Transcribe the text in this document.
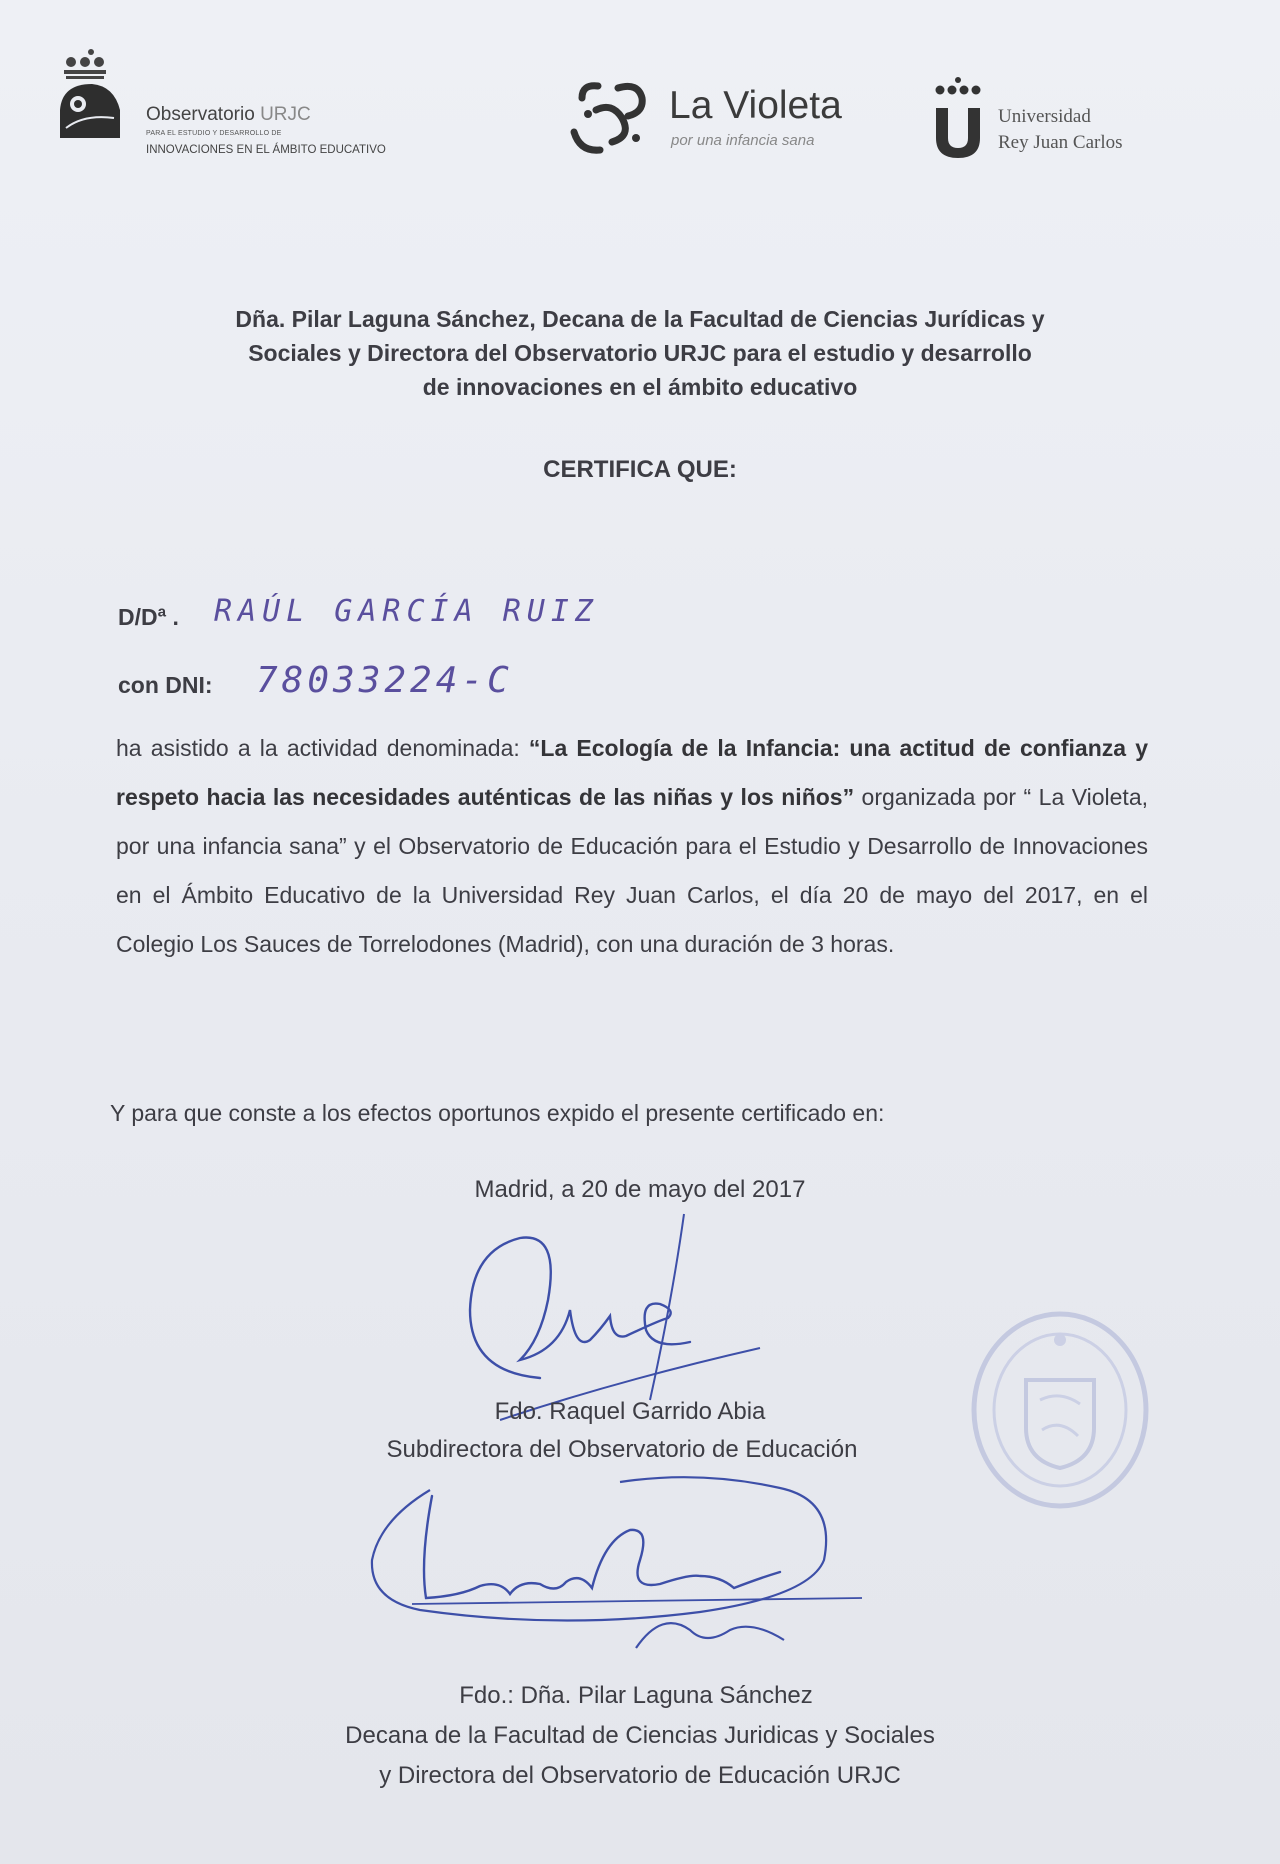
Observatorio URJC
PARA EL ESTUDIO Y DESARROLLO DE
INNOVACIONES EN EL ÁMBITO EDUCATIVO
La Violeta
por una infancia sana
Universidad
Rey Juan Carlos
Dña. Pilar Laguna Sánchez, Decana de la Facultad de Ciencias Jurídicas y
Sociales y Directora del Observatorio URJC para el estudio y desarrollo
de innovaciones en el ámbito educativo
CERTIFICA QUE:
D/Dª . RAÚL GARCÍA RUIZ
con DNI: 78033224-C
ha asistido a la actividad denominada: “La Ecología de la Infancia: una actitud de confianza y respeto hacia las necesidades auténticas de las niñas y los niños” organizada por “ La Violeta, por una infancia sana” y el Observatorio de Educación para el Estudio y Desarrollo de Innovaciones en el Ámbito Educativo de la Universidad Rey Juan Carlos, el día 20 de mayo del 2017, en el Colegio Los Sauces de Torrelodones (Madrid), con una duración de 3 horas.
Y para que conste a los efectos oportunos expido el presente certificado en:
Madrid, a 20 de mayo del 2017
Fdo. Raquel Garrido Abia
Subdirectora del Observatorio de Educación
Fdo.: Dña. Pilar Laguna Sánchez
Decana de la Facultad de Ciencias Juridicas y Sociales
y Directora del Observatorio de Educación URJC
